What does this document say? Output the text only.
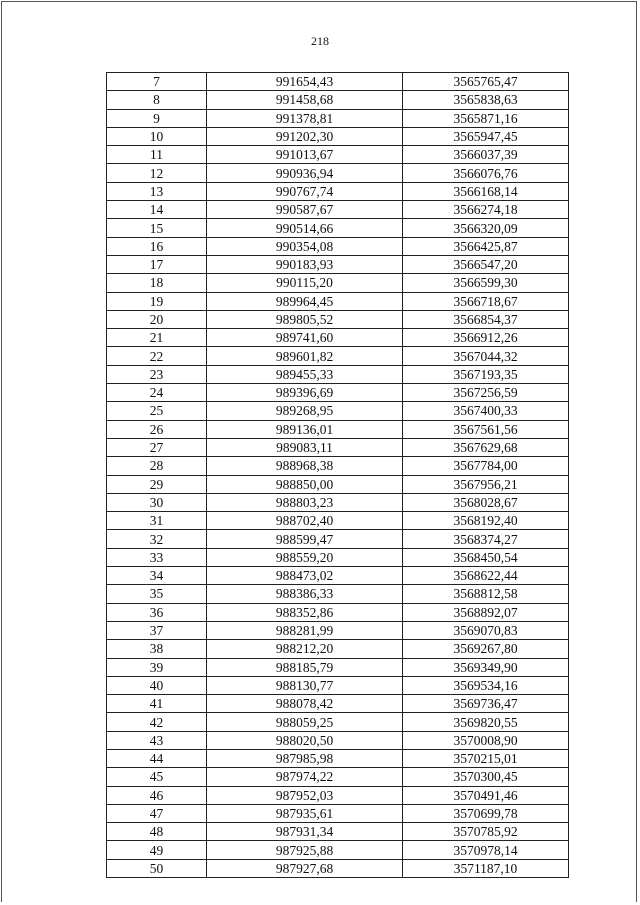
218
7	991654,43	3565765,47
8	991458,68	3565838,63
9	991378,81	3565871,16
10	991202,30	3565947,45
11	991013,67	3566037,39
12	990936,94	3566076,76
13	990767,74	3566168,14
14	990587,67	3566274,18
15	990514,66	3566320,09
16	990354,08	3566425,87
17	990183,93	3566547,20
18	990115,20	3566599,30
19	989964,45	3566718,67
20	989805,52	3566854,37
21	989741,60	3566912,26
22	989601,82	3567044,32
23	989455,33	3567193,35
24	989396,69	3567256,59
25	989268,95	3567400,33
26	989136,01	3567561,56
27	989083,11	3567629,68
28	988968,38	3567784,00
29	988850,00	3567956,21
30	988803,23	3568028,67
31	988702,40	3568192,40
32	988599,47	3568374,27
33	988559,20	3568450,54
34	988473,02	3568622,44
35	988386,33	3568812,58
36	988352,86	3568892,07
37	988281,99	3569070,83
38	988212,20	3569267,80
39	988185,79	3569349,90
40	988130,77	3569534,16
41	988078,42	3569736,47
42	988059,25	3569820,55
43	988020,50	3570008,90
44	987985,98	3570215,01
45	987974,22	3570300,45
46	987952,03	3570491,46
47	987935,61	3570699,78
48	987931,34	3570785,92
49	987925,88	3570978,14
50	987927,68	3571187,10
